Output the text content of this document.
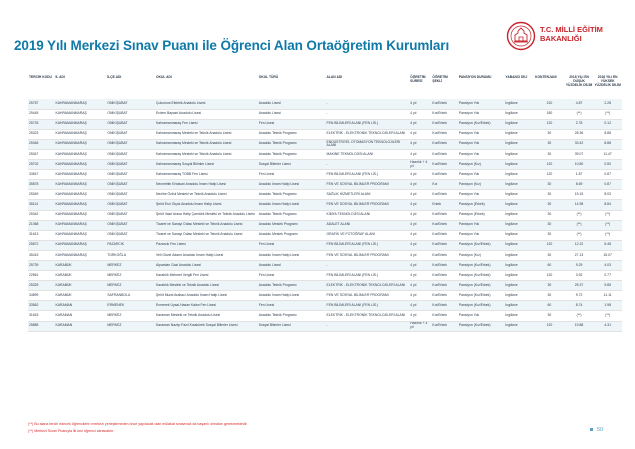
2019 Yılı Merkezi Sınav Puanı ile Öğrenci Alan Ortaöğretim Kurumları
T.C. MİLLİ EĞİTİM
BAKANLIĞI
TERCİH KODU	İL ADI	İLÇE ADI	OKUL ADI	OKUL TÜRÜ	ALAN ADI	ÖĞRETİM SÜRESİ	ÖĞRETİM ŞEKLİ	PANSİYON DURUMU	YABANCI DİLİ	KONTENJANI	2018 YILI EN DÜŞÜK YÜZDELİK DİLİM	2018 YILI EN YÜKSEK YÜZDELİK DİLİM
25787	KAHRAMANMARAŞ	ONİKİŞUBAT	Çukurova Elektrik Anadolu Lisesi	Anadolu Lisesi	-	4 yıl	Kız/Erkek	Pansiyon Yok	İngilizce	210	4.87	2.28
29445	KAHRAMANMARAŞ	ONİKİŞUBAT	Erdem Bayazıt Anadolu Lisesi	Anadolu Lisesi	-	4 yıl	Kız/Erkek	Pansiyon Yok	İngilizce	180	(**)	(**)
25733	KAHRAMANMARAŞ	ONİKİŞUBAT	Kahramanmaraş Fen Lisesi	Fen Lisesi	FEN BİLİMLERİ ALANI (FEN LİS.)	4 yıl	Kız/Erkek	Pansiyon (Kız/Erkek)	İngilizce	120	2.78	0.12
25323	KAHRAMANMARAŞ	ONİKİŞUBAT	Kahramanmaraş Mesleki ve Teknik Anadolu Lisesi	Anadolu Teknik Programı	ELEKTRİK - ELEKTRONİK TEKNOLOJİLERİ ALANI	4 yıl	Kız/Erkek	Pansiyon Yok	İngilizce	30	28.36	8.88
25346	KAHRAMANMARAŞ	ONİKİŞUBAT	Kahramanmaraş Mesleki ve Teknik Anadolu Lisesi	Anadolu Teknik Programı	ENDÜSTRİYEL OTOMASYON TEKNOLOJİLERİ ALANI	4 yıl	Kız/Erkek	Pansiyon Yok	İngilizce	30	33.42	8.88
25347	KAHRAMANMARAŞ	ONİKİŞUBAT	Kahramanmaraş Mesleki ve Teknik Anadolu Lisesi	Anadolu Teknik Programı	MAKİNE TEKNOLOJİSİ ALANI	4 yıl	Kız/Erkek	Pansiyon Yok	İngilizce	30	39.07	11.47
25702	KAHRAMANMARAŞ	ONİKİŞUBAT	Kahramanmaraş Sosyal Bilimler Lisesi	Sosyal Bilimler Lisesi	-	Hazırlık + 4 yıl	Kız/Erkek	Pansiyon (Kız)	İngilizce	120	10.80	0.50
33547	KAHRAMANMARAŞ	ONİKİŞUBAT	Kahramanmaraş TOBB Fen Lisesi	Fen Lisesi	FEN BİLİMLERİ ALANI (FEN LİS.)	4 yıl	Kız/Erkek	Pansiyon Yok	İngilizce	120	1.87	0.87
35878	KAHRAMANMARAŞ	ONİKİŞUBAT	Necmettin Erbakan Anadolu İmam Hatip Lisesi	Anadolu İmam Hatip Lisesi	FEN VE SOSYAL BİLİMLER PROGRAMI	4 yıl	Kız	Pansiyon (Kız)	İngilizce	30	8.69	0.87
25349	KAHRAMANMARAŞ	ONİKİŞUBAT	Nezihe Özkul Mesleki ve Teknik Anadolu Lisesi	Anadolu Teknik Programı	SAĞLIK HİZMETLERİ ALANI	4 yıl	Kız/Erkek	Pansiyon Yok	İngilizce	30	15.15	8.03
35114	KAHRAMANMARAŞ	ONİKİŞUBAT	Şehit Erol Olçok Anadolu İmam Hatip Lisesi	Anadolu İmam Hatip Lisesi	FEN VE SOSYAL BİLİMLER PROGRAMI	4 yıl	Erkek	Pansiyon (Erkek)	İngilizce	30	14.98	8.84
25342	KAHRAMANMARAŞ	ONİKİŞUBAT	Şehit Vasıf Arasa Hatip Çamtürk Mesleki ve Teknik Anadolu Lisesi	Anadolu Teknik Programı	KİMYA TEKNOLOJİSİ ALANI	4 yıl	Kız/Erkek	Pansiyon (Erkek)	İngilizce	30	(**)	(**)
21068	KAHRAMANMARAŞ	ONİKİŞUBAT	Ticaret ve Sanayi Odası Mesleki ve Teknik Anadolu Lisesi	Anadolu Meslek Programı	ADALET ALANI	4 yıl	Kız/Erkek	Pansiyon Yok	İngilizce	30	(**)	(**)
31613	KAHRAMANMARAŞ	ONİKİŞUBAT	Ticaret ve Sanayi Odası Mesleki ve Teknik Anadolu Lisesi	Anadolu Meslek Programı	GRAFİK VE FOTOĞRAF ALANI	4 yıl	Kız/Erkek	Pansiyon Yok	İngilizce	30	(**)	(**)
25872	KAHRAMANMARAŞ	PAZARCIK	Pazarcık Fen Lisesi	Fen Lisesi	FEN BİLİMLERİ ALANI (FEN LİS.)	4 yıl	Kız/Erkek	Pansiyon (Kız/Erkek)	İngilizce	120	12.22	5.48
35415	KAHRAMANMARAŞ	TÜRKOĞLU	Veli Güzel Adanır Anadolu İmam Hatip Lisesi	Anadolu İmam Hatip Lisesi	FEN VE SOSYAL BİLİMLER PROGRAMI	4 yıl	Kız/Erkek	Pansiyon (Kız)	İngilizce	30	27.13	15.07
25739	KARABÜK	MERKEZ	Alparslan Gazi Anadolu Lisesi	Anadolu Lisesi	-	4 yıl	Kız/Erkek	Pansiyon (Kız/Erkek)	İngilizce	60	9.29	4.03
22561	KARABÜK	MERKEZ	Karabük Mehmet Vergili Fen Lisesi	Fen Lisesi	FEN BİLİMLERİ ALANI (FEN LİS.)	4 yıl	Kız/Erkek	Pansiyon (Kız/Erkek)	İngilizce	120	3.92	0.77
25325	KARABÜK	MERKEZ	Karabük Mesleki ve Teknik Anadolu Lisesi	Anadolu Teknik Programı	ELEKTRİK - ELEKTRONİK TEKNOLOJİLERİ ALANI	4 yıl	Kız/Erkek	Pansiyon (Kız/Erkek)	İngilizce	30	25.37	9.85
34899	KARABÜK	SAFRANBOLU	Şehit Murat Arabacı Anadolu İmam Hatip Lisesi	Anadolu İmam Hatip Lisesi	FEN VE SOSYAL BİLİMLER PROGRAMI	4 yıl	Kız/Erkek	Pansiyon (Kız/Erkek)	İngilizce	30	9.72	11.11
33562	KARAMAN	ERMENEK	Ermenek Uysal-Hasan Kalan Fen Lisesi	Fen Lisesi	FEN BİLİMLERİ ALANI (FEN LİS.)	4 yıl	Kız/Erkek	Pansiyon (Kız/Erkek)	İngilizce	60	8.74	1.98
31615	KARAMAN	MERKEZ	Karaman Mesleki ve Teknik Anadolu Lisesi	Anadolu Teknik Programı	ELEKTRİK - ELEKTRONİK TEKNOLOJİLERİ ALANI	4 yıl	Kız/Erkek	Pansiyon Yok	İngilizce	30	(**)	(**)
25885	KARAMAN	MERKEZ	Karaman Nazlıp Fazıl Kısakürek Sosyal Bilimler Lisesi	Sosyal Bilimler Lisesi	-	Hazırlık + 4 yıl	Kız/Erkek	Pansiyon (Kız/Erkek)	İngilizce	120	19.88	4.31
(**) Bu alana tercih edecek öğrencilerin merkezi yerleştirmeden önce yapılacak olan mülakat sınavında da başarılı olmaları gerekmektedir.
(**) Merkezi Sınav Puanıyla ilk kez öğrenci alınacaktır.	50
